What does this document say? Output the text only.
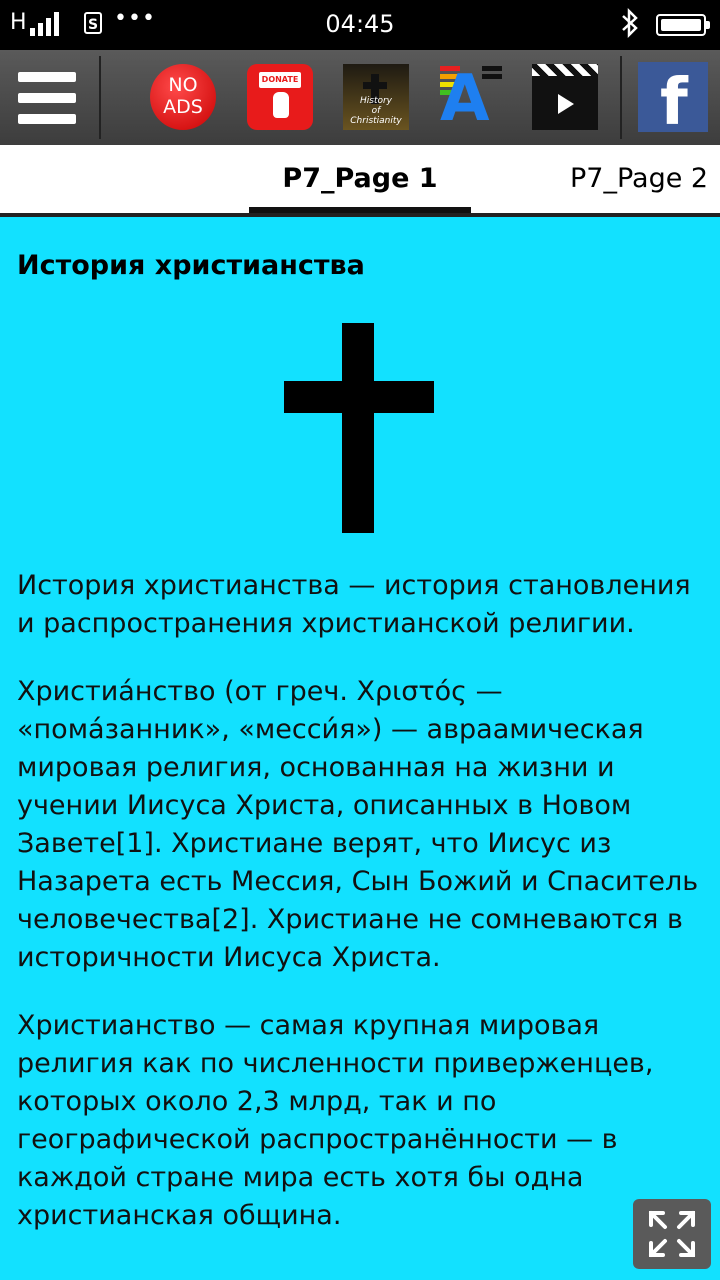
H	S •••	04:45
NO
ADS
DONATE
History
of
Christianity A	f
P7_Page 1	P7_Page 2
История христианства

История христианства — история становления и распространения христианской религии.

Христиа́нство (от греч. Χριστός — «пома́занник», «месси́я») — авраамическая мировая религия, основанная на жизни и учении Иисуса Христа, описанных в Новом Завете[1]. Христиане верят, что Иисус из Назарета есть Мессия, Сын Божий и Спаситель человечества[2]. Христиане не сомневаются в историчности Иисуса Христа.

Христианство — самая крупная мировая религия как по численности приверженцев, которых около 2,3 млрд, так и по географической распространённости — в каждой стране мира есть хотя бы одна христианская община.
